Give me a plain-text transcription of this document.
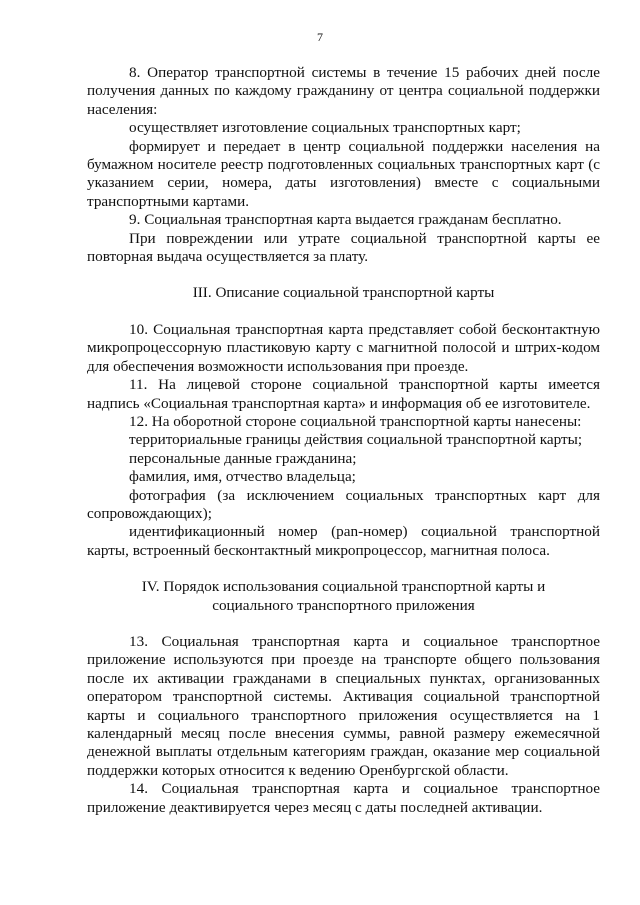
7

8. Оператор транспортной системы в течение 15 рабочих дней после получения данных по каждому гражданину от центра социальной поддержки населения:

осуществляет изготовление социальных транспортных карт;

формирует и передает в центр социальной поддержки населения на бумажном носителе реестр подготовленных социальных транспортных карт (с указанием серии, номера, даты изготовления) вместе с социальными транспортными картами.

9. Социальная транспортная карта выдается гражданам бесплатно.

При повреждении или утрате социальной транспортной карты ее повторная выдача осуществляется за плату.

III. Описание социальной транспортной карты

10. Социальная транспортная карта представляет собой бесконтактную микропроцессорную пластиковую карту с магнитной полосой и штрих-кодом для обеспечения возможности использования при проезде.

11. На лицевой стороне социальной транспортной карты имеется надпись «Социальная транспортная карта» и информация об ее изготовителе.

12. На оборотной стороне социальной транспортной карты нанесены:

территориальные границы действия социальной транспортной карты;

персональные данные гражданина;

фамилия, имя, отчество владельца;

фотография (за исключением социальных транспортных карт для сопровождающих);

идентификационный номер (pan-номер) социальной транспортной карты, встроенный бесконтактный микропроцессор, магнитная полоса.

IV. Порядок использования социальной транспортной карты и
социального транспортного приложения

13. Социальная транспортная карта и социальное транспортное приложение используются при проезде на транспорте общего пользования после их активации гражданами в специальных пунктах, организованных оператором транспортной системы. Активация социальной транспортной карты и социального транспортного приложения осуществляется на 1 календарный месяц после внесения суммы, равной размеру ежемесячной денежной выплаты отдельным категориям граждан, оказание мер социальной поддержки которых относится к ведению Оренбургской области.

14. Социальная транспортная карта и социальное транспортное приложение деактивируется через месяц с даты последней активации.
